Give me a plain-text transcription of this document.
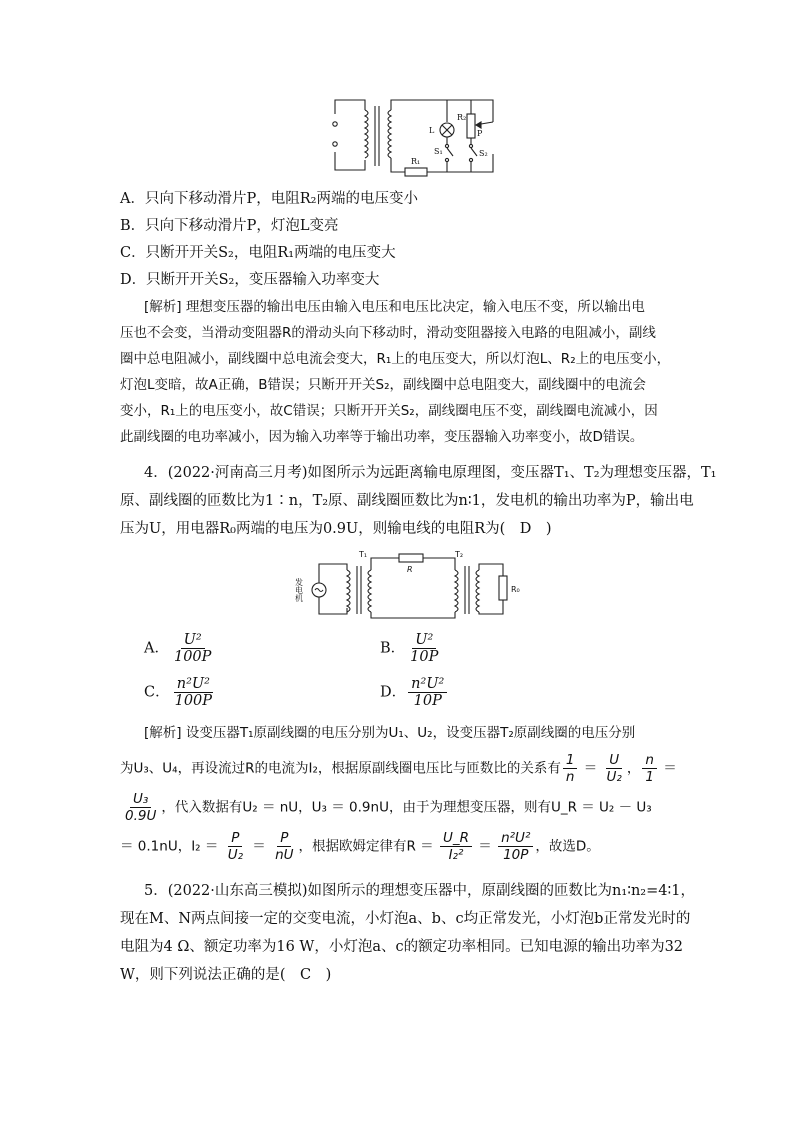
L
R₂
S₁	S₂
P
R₁
A．只向下移动滑片P，电阻R₂两端的电压变小
B．只向下移动滑片P，灯泡L变亮
C．只断开开关S₂，电阻R₁两端的电压变大
D．只断开开关S₂，变压器输入功率变大
[解析] 理想变压器的输出电压由输入电压和电压比决定，输入电压不变，所以输出电
压也不会变，当滑动变阻器R的滑动头向下移动时，滑动变阻器接入电路的电阻减小，副线
圈中总电阻减小，副线圈中总电流会变大，R₁上的电压变大，所以灯泡L、R₂上的电压变小，
灯泡L变暗，故A正确，B错误；只断开开关S₂，副线圈中总电阻变大，副线圈中的电流会
变小，R₁上的电压变小，故C错误；只断开开关S₂，副线圈电压不变，副线圈电流减小，因
此副线圈的电功率减小，因为输入功率等于输出功率，变压器输入功率变小，故D错误。
4．(2022·河南高三月考)如图所示为远距离输电原理图，变压器T₁、T₂为理想变压器，T₁
原、副线圈的匝数比为1∶n，T₂原、副线圈匝数比为n∶1，发电机的输出功率为P，输出电
压为U，用电器R₀两端的电压为0.9U，则输电线的电阻R为(　D　)
发电机
T₁	T₂
R
R₀
A． $\frac{\text{U²}}{100P}$	B． $\frac{\text{U²}}{10P}$
C． $\frac{\text{n²U²}}{100P}$	D． $\frac{\text{n²U²}}{10P}$
[解析] 设变压器T₁原副线圈的电压分别为U₁、U₂，设变压器T₂原副线圈的电压分别
为U₃、U₄，再设流过R的电流为I₂，根据原副线圈电压比与匝数比的关系有 $\frac{1}{n} = \frac{U}{\text{U₂}}$ ， $\frac{n}{1}$ ＝
$\frac{\text{U₃}}{0.9U}$ ，代入数据有U₂ ＝ nU，U₃ ＝ 0.9nU，由于为理想变压器，则有U_R ＝ U₂ － U₃
＝ 0.1nU，$I_2 = \frac{P}{\text{U₂}} = \frac{P}{nU}$ ，根据欧姆定律有$R = \frac{U\_R}{\text{I₂²}} = \frac{\text{n²U²}}{10P}$ ，故选D。
5．(2022·山东高三模拟)如图所示的理想变压器中，原副线圈的匝数比为n₁∶n₂=4∶1，
现在M、N两点间接一定的交变电流，小灯泡a、b、c均正常发光，小灯泡b正常发光时的
电阻为4 Ω、额定功率为16 W，小灯泡a、c的额定功率相同。已知电源的输出功率为32
W，则下列说法正确的是(　C　)
